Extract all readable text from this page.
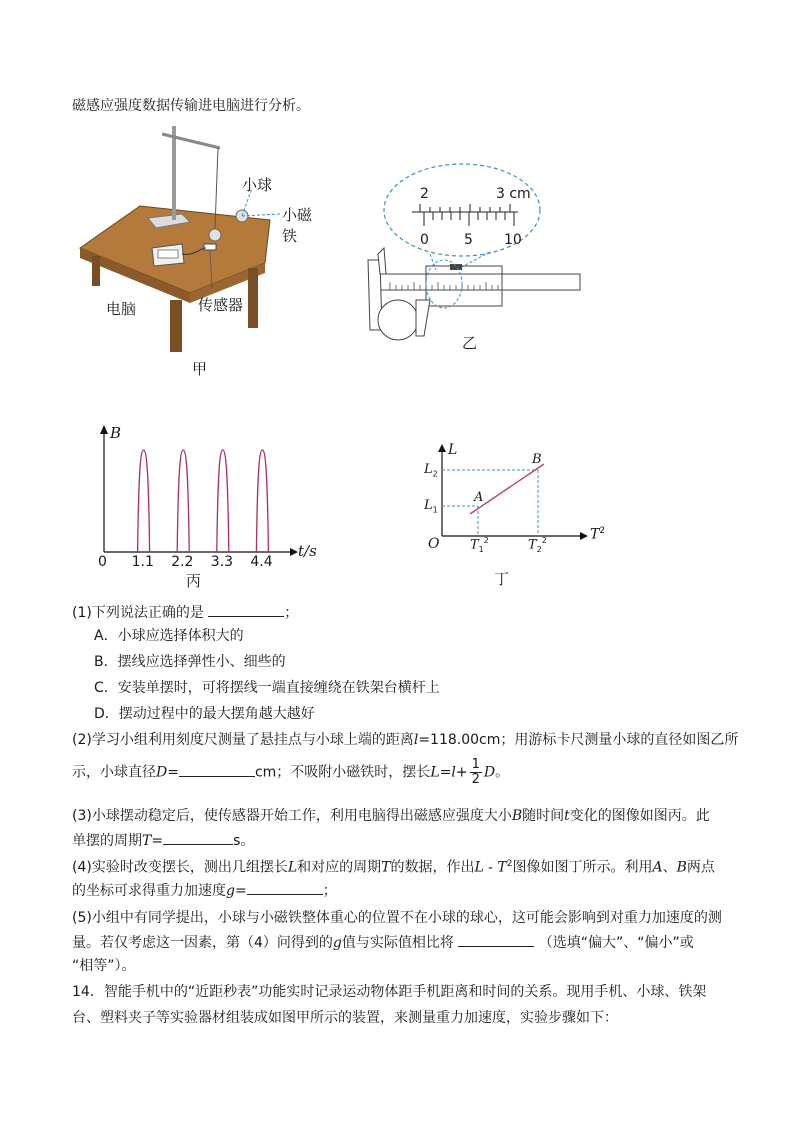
磁感应强度数据传输进电脑进行分析。
小球
小磁铁
电脑	传感器
甲
2	3 cm
0	5 10
乙
B
t/s
0 1.1 2.2 3.3 4.4
丙
L
$T^2$
O
$L_2$
$L_1$
$T_1^2$	$T_2^2$
A
B
丁
(1)下列说法正确的是	；
A．小球应选择体积大的
B．摆线应选择弹性小、细些的
C．安装单摆时，可将摆线一端直接缠绕在铁架台横杆上
D．摆动过程中的最大摆角越大越好
(2)学习小组利用刻度尺测量了悬挂点与小球上端的距离l=118.00cm；用游标卡尺测量小球的直径如图乙所
示，小球直径D=	cm；不吸附小磁铁时，摆长$L=l+ \frac{1}{2}$ D。
(3)小球摆动稳定后，使传感器开始工作，利用电脑得出磁感应强度大小B随时间t变化的图像如图丙。此
单摆的周期T=	s。
(4)实验时改变摆长，测出几组摆长L和对应的周期T的数据，作出L - $T^2$图像如图丁所示。利用A、B两点
的坐标可求得重力加速度g=	；
(5)小组中有同学提出，小球与小磁铁整体重心的位置不在小球的球心，这可能会影响到对重力加速度的测
量。若仅考虑这一因素，第（4）问得到的g值与实际值相比将	（选填“偏大”、“偏小”或
“相等”）。
14．智能手机中的“近距秒表”功能实时记录运动物体距手机距离和时间的关系。现用手机、小球、铁架
台、塑料夹子等实验器材组装成如图甲所示的装置，来测量重力加速度，实验步骤如下：
